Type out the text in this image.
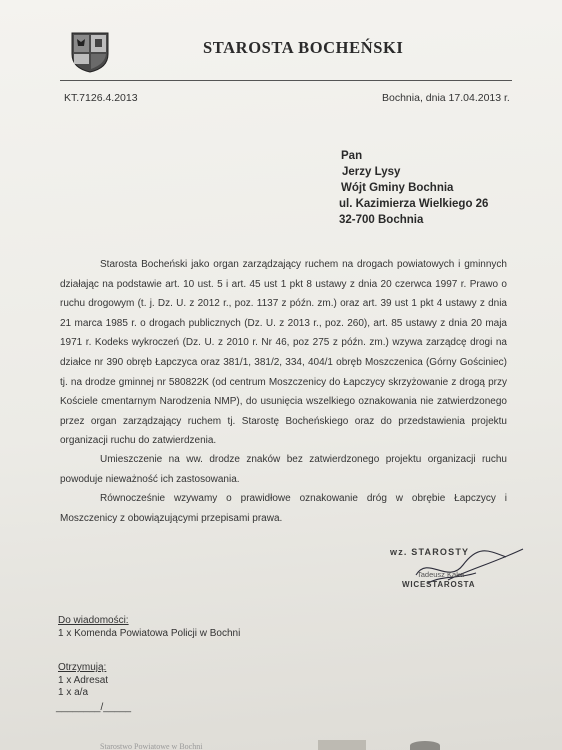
STAROSTA BOCHEŃSKI
KT.7126.4.2013	Bochnia, dnia 17.04.2013 r.
Pan
Jerzy Lysy
Wójt Gminy Bochnia
ul. Kazimierza Wielkiego 26
32-700 Bochnia

Starosta Bocheński jako organ zarządzający ruchem na drogach powiatowych i gminnych działając na podstawie art. 10 ust. 5 i art. 45 ust 1 pkt 8 ustawy z dnia 20 czerwca 1997 r. Prawo o ruchu drogowym (t. j. Dz. U. z 2012 r., poz. 1137 z późn. zm.) oraz art. 39 ust 1 pkt 4 ustawy z dnia 21 marca 1985 r. o drogach publicznych (Dz. U. z 2013 r., poz. 260), art. 85 ustawy z dnia 20 maja 1971 r. Kodeks wykroczeń (Dz. U. z 2010 r. Nr 46, poz 275 z późn. zm.) wzywa zarządcę drogi na działce nr 390 obręb Łapczyca oraz 381/1, 381/2, 334, 404/1 obręb Moszczenica (Górny Gościniec) tj. na drodze gminnej nr 580822K (od centrum Moszczenicy do Łapczycy skrzyżowanie z drogą przy Kościele cmentarnym Narodzenia NMP), do usunięcia wszelkiego oznakowania nie zatwierdzonego przez organ zarządzający ruchem tj. Starostę Bocheńskiego oraz do przedstawienia projektu organizacji ruchu do zatwierdzenia.

Umieszczenie na ww. drodze znaków bez zatwierdzonego projektu organizacji ruchu powoduje nieważność ich zastosowania.

Równocześnie wzywamy o prawidłowe oznakowanie dróg w obrębie Łapczycy i Moszczenicy z obowiązującymi przepisami prawa.

wz. STAROSTY
Tadeusz Kaka
WICESTAROSTA
Do wiadomości:
1 x Komenda Powiatowa Policji w Bochni
Otrzymują:
1 x Adresat
1 x a/a
________/_____
Starostwo Powiatowe w Bochni
